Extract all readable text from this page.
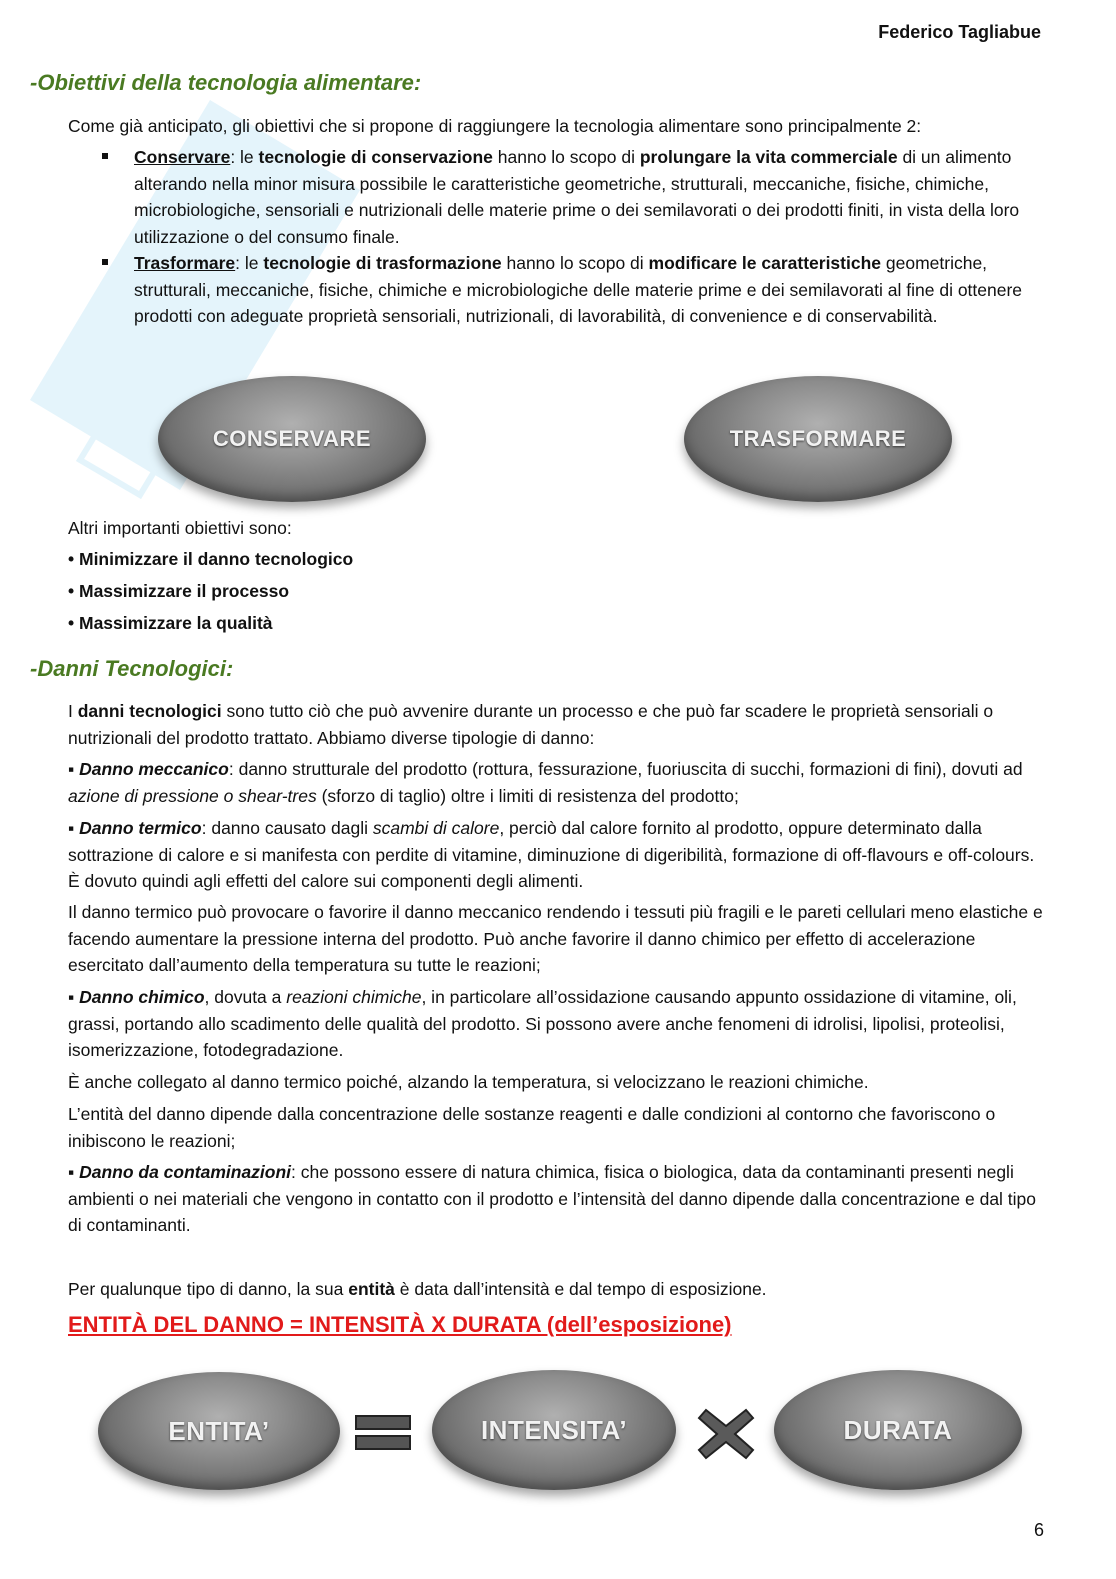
Federico Tagliabue
-Obiettivi della tecnologia alimentare:

Come già anticipato, gli obiettivi che si propone di raggiungere la tecnologia alimentare sono principalmente 2:

Conservare: le tecnologie di conservazione hanno lo scopo di prolungare la vita commerciale di un alimento alterando nella minor misura possibile le caratteristiche geometriche, strutturali, meccaniche, fisiche, chimiche, microbiologiche, sensoriali e nutrizionali delle materie prime o dei semilavorati o dei prodotti finiti, in vista della loro utilizzazione o del consumo finale.
Trasformare: le tecnologie di trasformazione hanno lo scopo di modificare le caratteristiche geometriche, strutturali, meccaniche, fisiche, chimiche e microbiologiche delle materie prime e dei semilavorati al fine di ottenere prodotti con adeguate proprietà sensoriali, nutrizionali, di lavorabilità, di convenience e di conservabilità.
CONSERVARE	TRASFORMARE

Altri importanti obiettivi sono:

• Minimizzare il danno tecnologico
• Massimizzare il processo
• Massimizzare la qualità
-Danni Tecnologici:

I danni tecnologici sono tutto ciò che può avvenire durante un processo e che può far scadere le proprietà sensoriali o nutrizionali del prodotto trattato. Abbiamo diverse tipologie di danno:

▪ Danno meccanico: danno strutturale del prodotto (rottura, fessurazione, fuoriuscita di succhi, formazioni di fini), dovuti ad azione di pressione o shear-tres (sforzo di taglio) oltre i limiti di resistenza del prodotto;

▪ Danno termico: danno causato dagli scambi di calore, perciò dal calore fornito al prodotto, oppure determinato dalla sottrazione di calore e si manifesta con perdite di vitamine, diminuzione di digeribilità, formazione di off-flavours e off-colours. È dovuto quindi agli effetti del calore sui componenti degli alimenti.

Il danno termico può provocare o favorire il danno meccanico rendendo i tessuti più fragili e le pareti cellulari meno elastiche e facendo aumentare la pressione interna del prodotto. Può anche favorire il danno chimico per effetto di accelerazione esercitato dall’aumento della temperatura su tutte le reazioni;

▪ Danno chimico, dovuta a reazioni chimiche, in particolare all’ossidazione causando appunto ossidazione di vitamine, oli, grassi, portando allo scadimento delle qualità del prodotto. Si possono avere anche fenomeni di idrolisi, lipolisi, proteolisi, isomerizzazione, fotodegradazione.

È anche collegato al danno termico poiché, alzando la temperatura, si velocizzano le reazioni chimiche.

L’entità del danno dipende dalla concentrazione delle sostanze reagenti e dalle condizioni al contorno che favoriscono o inibiscono le reazioni;

▪ Danno da contaminazioni: che possono essere di natura chimica, fisica o biologica, data da contaminanti presenti negli ambienti o nei materiali che vengono in contatto con il prodotto e l’intensità del danno dipende dalla concentrazione e dal tipo di contaminanti.

Per qualunque tipo di danno, la sua entità è data dall’intensità e dal tempo di esposizione.

ENTITÀ DEL DANNO = INTENSITÀ X DURATA (dell’esposizione)

ENTITA’	INTENSITA’	DURATA
6
